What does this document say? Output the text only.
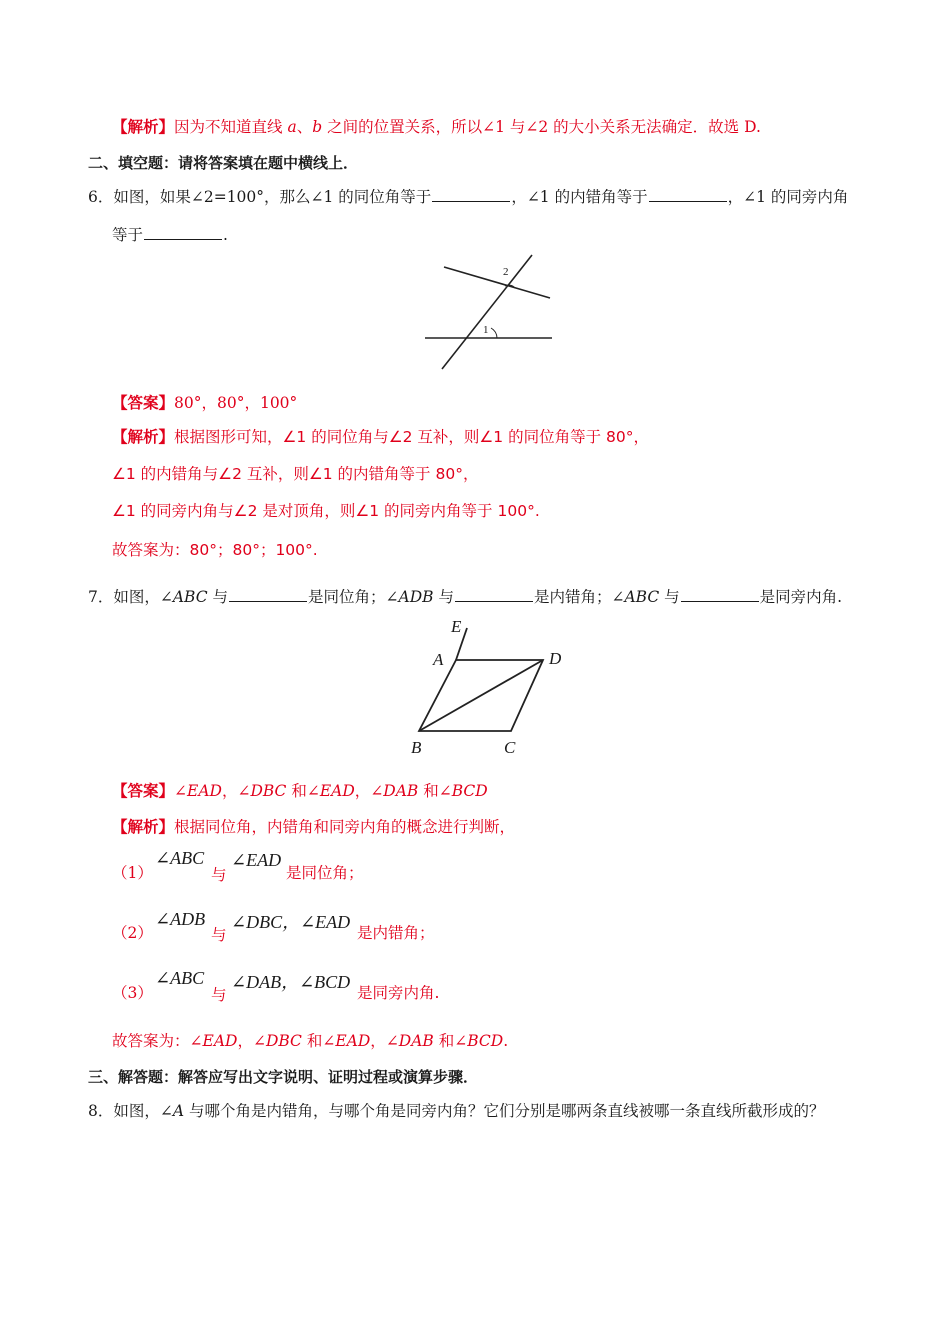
【解析】因为不知道直线 a、b 之间的位置关系，所以∠1 与∠2 的大小关系无法确定．故选 D.
二、填空题：请将答案填在题中横线上．
6．如图，如果∠2=100°，那么∠1 的同位角等于	，∠1 的内错角等于	，∠1 的同旁内角
等于	.
2
1
【答案】80°，80°，100°
【解析】根据图形可知，∠1 的同位角与∠2 互补，则∠1 的同位角等于 80°，
∠1 的内错角与∠2 互补，则∠1 的内错角等于 80°，
∠1 的同旁内角与∠2 是对顶角，则∠1 的同旁内角等于 100°.
故答案为：80°；80°；100°.
7．如图，∠ABC 与	是同位角；∠ADB 与	是内错角；∠ABC 与	是同旁内角.
E
A	D
B	C
【答案】∠EAD，∠DBC 和∠EAD，∠DAB 和∠BCD
【解析】根据同位角，内错角和同旁内角的概念进行判断，
（1）
∠ABC
与
∠EAD
是同位角；
（2）
∠ADB
与
∠DBC，∠EAD
是内错角；
（3）
∠ABC
与
∠DAB，∠BCD
是同旁内角.
故答案为：∠EAD，∠DBC 和∠EAD，∠DAB 和∠BCD.
三、解答题：解答应写出文字说明、证明过程或演算步骤．
8．如图，∠A 与哪个角是内错角，与哪个角是同旁内角？它们分别是哪两条直线被哪一条直线所截形成的？
